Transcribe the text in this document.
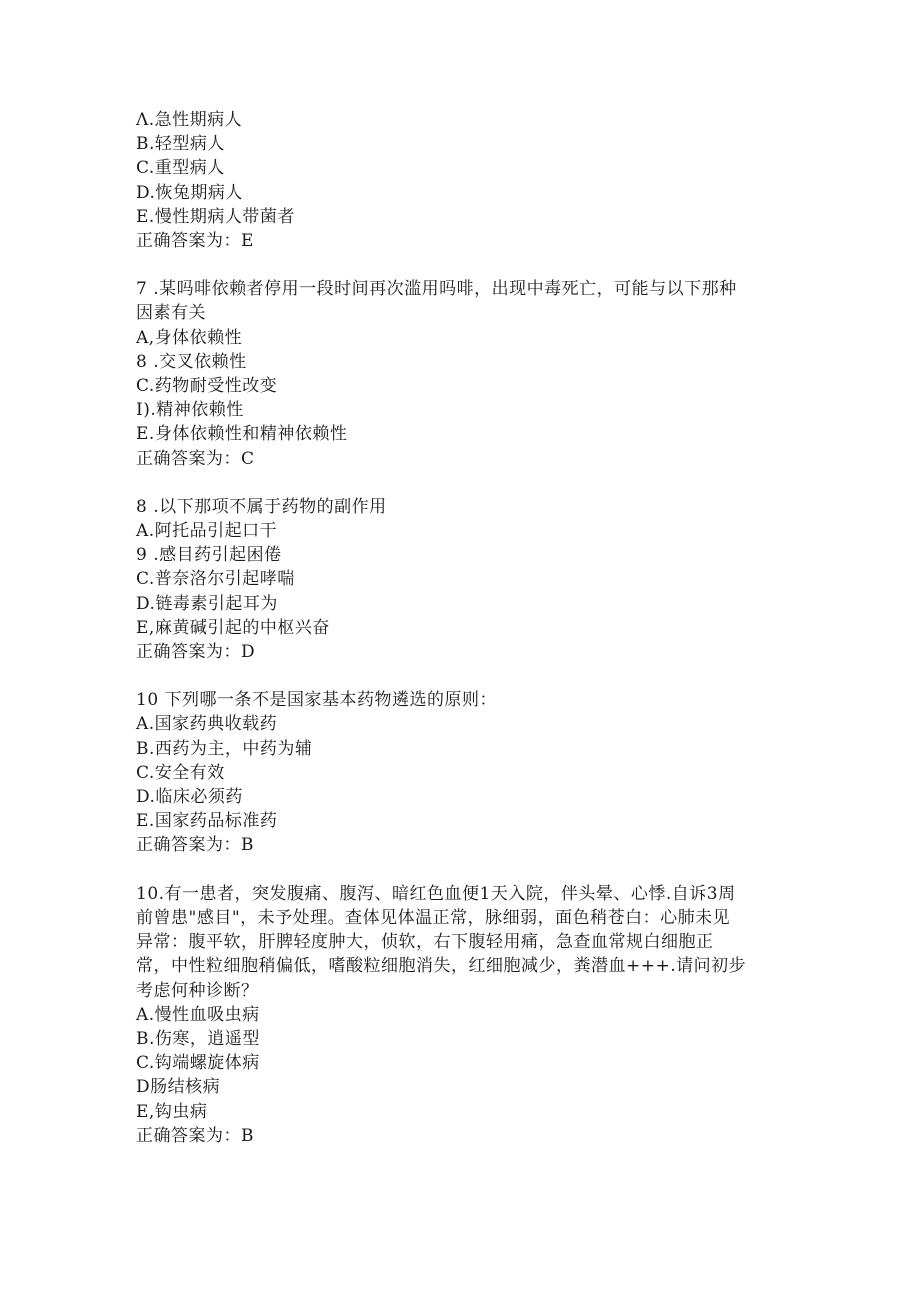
Λ.急性期病人
B.轻型病人
C.重型病人
D.恢兔期病人
E.慢性期病人带菌者
正确答案为：E
7 .某吗啡依赖者停用一段时间再次滥用吗啡，出现中毒死亡，可能与以下那种
因素有关
A,身体依赖性
8 .交叉依赖性
C.药物耐受性改变
I).精神依赖性
E.身体依赖性和精神依赖性
正确答案为：C
8 .以下那项不属于药物的副作用
A.阿托品引起口干
9 .感目药引起困倦
C.普奈洛尔引起哮喘
D.链毒素引起耳为
E,麻黄碱引起的中枢兴奋
正确答案为：D
10 下列哪一条不是国家基本药物遴选的原则：
A.国家药典收载药
B.西药为主，中药为辅
C.安全有效
D.临床必须药
E.国家药品标准药
正确答案为：B
10.有一患者，突发腹痛、腹泻、暗红色血便1天入院，伴头晕、心悸.自诉3周
前曾患"感目"，未予处理。查体见体温正常，脉细弱，面色稍苍白：心肺未见
异常：腹平软，肝脾轻度肿大，侦软，右下腹轻用痛，急查血常规白细胞正
常，中性粒细胞稍偏低，嗜酸粒细胞消失，红细胞减少，粪潜血+++.请问初步
考虑何种诊断？
A.慢性血吸虫病
B.伤寒，逍遥型
C.钩端螺旋体病
D肠结核病
E,钩虫病
正确答案为：B
